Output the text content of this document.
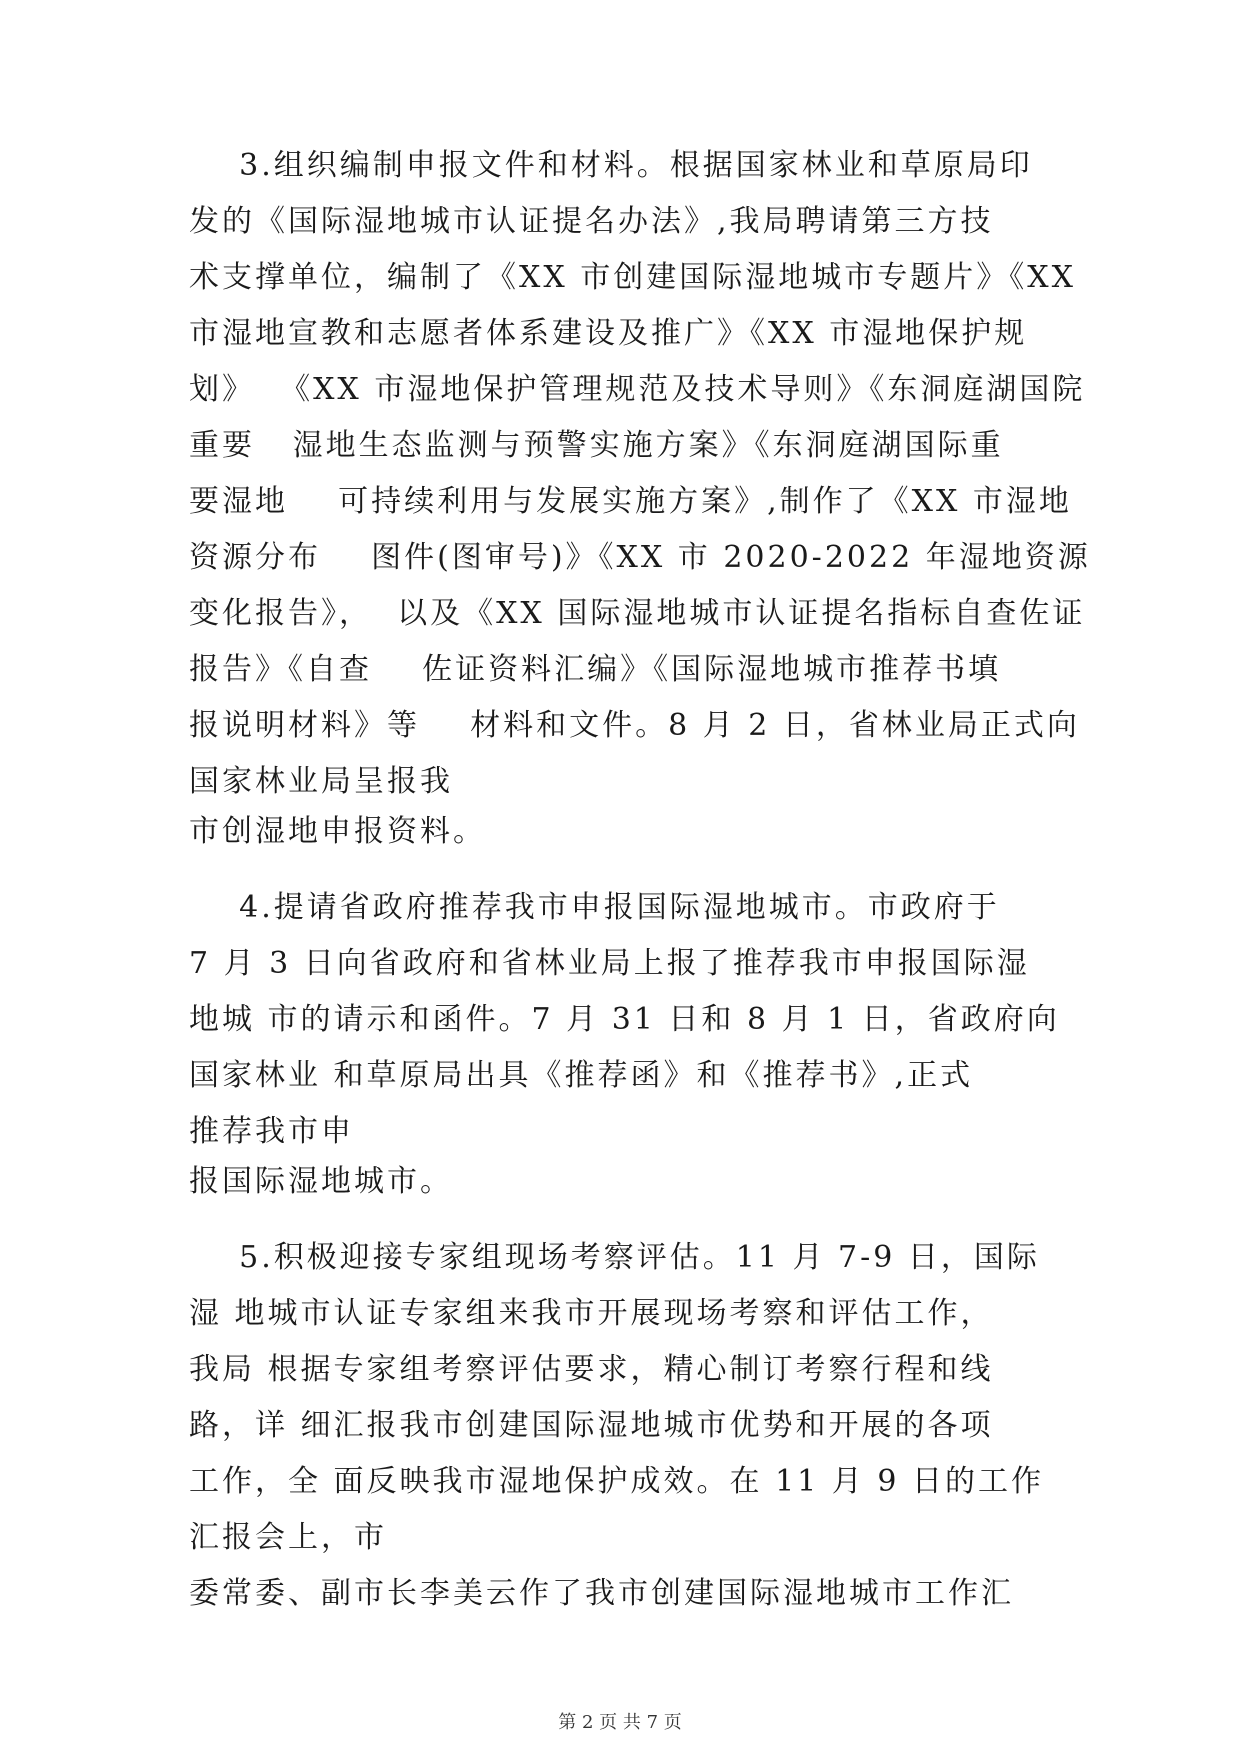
3.组织编制申报文件和材料。根据国家林业和草原局印
发的《国际湿地城市认证提名办法》,我局聘请第三方技
术支撑单位，编制了《XX 市创建国际湿地城市专题片》《XX
市湿地宣教和志愿者体系建设及推广》《XX 市湿地保护规
划》  《XX 市湿地保护管理规范及技术导则》《东洞庭湖国院
重要   湿地生态监测与预警实施方案》《东洞庭湖国际重
要湿地    可持续利用与发展实施方案》,制作了《XX 市湿地
资源分布    图件(图审号)》《XX 市 2020-2022 年湿地资源
变化报告》，  以及《XX 国际湿地城市认证提名指标自查佐证
报告》《自查    佐证资料汇编》《国际湿地城市推荐书填
报说明材料》等    材料和文件。8 月 2 日，省林业局正式向
国家林业局呈报我
市创湿地申报资料。
4.提请省政府推荐我市申报国际湿地城市。市政府于
7 月 3 日向省政府和省林业局上报了推荐我市申报国际湿
地城 市的请示和函件。7 月 31 日和 8 月 1 日，省政府向
国家林业 和草原局出具《推荐函》和《推荐书》,正式
推荐我市申
报国际湿地城市。
5.积极迎接专家组现场考察评估。11 月 7-9 日，国际
湿 地城市认证专家组来我市开展现场考察和评估工作，
我局 根据专家组考察评估要求，精心制订考察行程和线
路，详 细汇报我市创建国际湿地城市优势和开展的各项
工作，全 面反映我市湿地保护成效。在 11 月 9 日的工作
汇报会上，市
委常委、副市长李美云作了我市创建国际湿地城市工作汇
第 2 页 共 7 页
